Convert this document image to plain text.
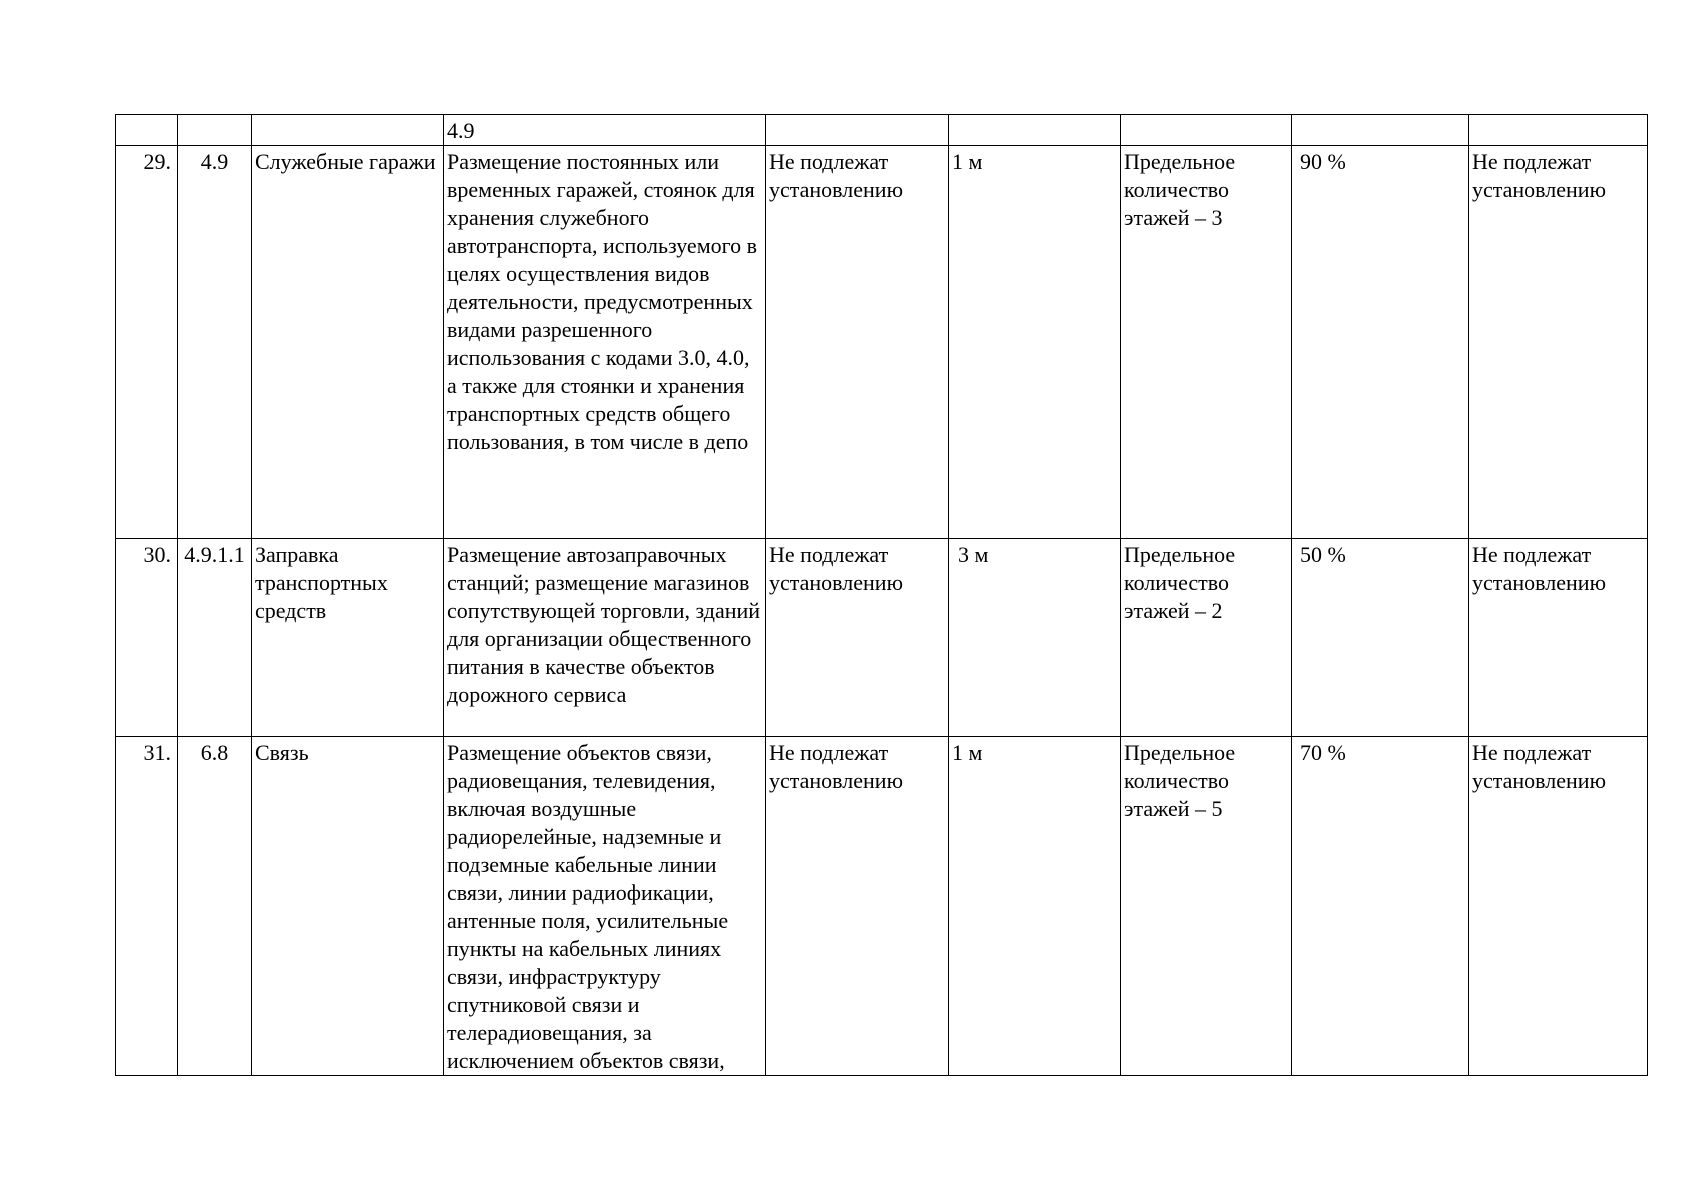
			4.9					
29.	4.9	Служебные гаражи	Размещение постоянных или временных гаражей, стоянок для хранения служебного автотранспорта, используемого в целях осуществления видов деятельности, предусмотренных видами разрешенного использования с кодами 3.0, 4.0, а также для стоянки и хранения транспортных средств общего пользования, в том числе в депо	Не подлежат установлению	1 м	Предельное количество этажей – 3	90 %	Не подлежат установлению
30.	4.9.1.1	Заправка транспортных средств	Размещение автозаправочных станций; размещение магазинов сопутствующей торговли, зданий для организации общественного питания в качестве объектов дорожного сервиса	Не подлежат установлению	3 м	Предельное количество этажей – 2	50 %	Не подлежат установлению
31.	6.8	Связь	Размещение объектов связи, радиовещания, телевидения, включая воздушные радиорелейные, надземные и подземные кабельные линии связи, линии радиофикации, антенные поля, усилительные пункты на кабельных линиях связи, инфраструктуру спутниковой связи и телерадиовещания, за исключением объектов связи,	Не подлежат установлению	1 м	Предельное количество этажей – 5	70 %	Не подлежат установлению
